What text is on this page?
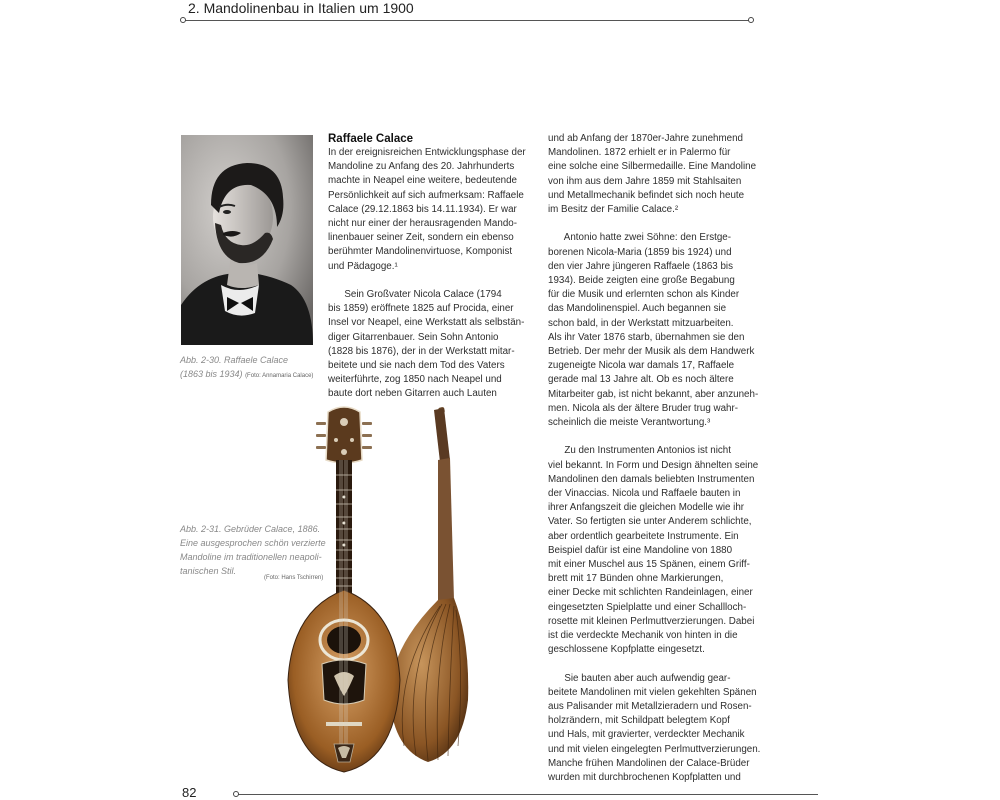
2. Mandolinenbau in Italien um 1900
Abb. 2-30. Raffaele Calace
(1863 bis 1934) (Foto: Annamaria Calace)
Abb. 2-31. Gebrüder Calace, 1886.
Eine ausgesprochen schön verzierte
Mandoline im traditionellen neapoli-
tanischen Stil.
(Foto: Hans Tschirren)
Raffaele Calace

In der ereignisreichen Entwicklungsphase der

Mandoline zu Anfang des 20. Jahrhunderts

machte in Neapel eine weitere, bedeutende

Persönlichkeit auf sich aufmerksam: Raffaele

Calace (29.12.1863 bis 14.11.1934). Er war

nicht nur einer der herausragenden Mando-

linenbauer seiner Zeit, sondern ein ebenso

berühmter Mandolinenvirtuose, Komponist

und Pädagoge.¹

Sein Großvater Nicola Calace (1794

bis 1859) eröffnete 1825 auf Procida, einer

Insel vor Neapel, eine Werkstatt als selbstän-

diger Gitarrenbauer. Sein Sohn Antonio

(1828 bis 1876), der in der Werkstatt mitar-

beitete und sie nach dem Tod des Vaters

weiterführte, zog 1850 nach Neapel und

baute dort neben Gitarren auch Lauten

und ab Anfang der 1870er-Jahre zunehmend

Mandolinen. 1872 erhielt er in Palermo für

eine solche eine Silbermedaille. Eine Mandoline

von ihm aus dem Jahre 1859 mit Stahlsaiten

und Metallmechanik befindet sich noch heute

im Besitz der Familie Calace.²

Antonio hatte zwei Söhne: den Erstge-

borenen Nicola-Maria (1859 bis 1924) und

den vier Jahre jüngeren Raffaele (1863 bis

1934). Beide zeigten eine große Begabung

für die Musik und erlernten schon als Kinder

das Mandolinenspiel. Auch begannen sie

schon bald, in der Werkstatt mitzuarbeiten.

Als ihr Vater 1876 starb, übernahmen sie den

Betrieb. Der mehr der Musik als dem Handwerk

zugeneigte Nicola war damals 17, Raffaele

gerade mal 13 Jahre alt. Ob es noch ältere

Mitarbeiter gab, ist nicht bekannt, aber anzuneh-

men. Nicola als der ältere Bruder trug wahr-

scheinlich die meiste Verantwortung.³

Zu den Instrumenten Antonios ist nicht

viel bekannt. In Form und Design ähnelten seine

Mandolinen den damals beliebten Instrumenten

der Vinaccias. Nicola und Raffaele bauten in

ihrer Anfangszeit die gleichen Modelle wie ihr

Vater. So fertigten sie unter Anderem schlichte,

aber ordentlich gearbeitete Instrumente. Ein

Beispiel dafür ist eine Mandoline von 1880

mit einer Muschel aus 15 Spänen, einem Griff-

brett mit 17 Bünden ohne Markierungen,

einer Decke mit schlichten Randeinlagen, einer

eingesetzten Spielplatte und einer Schallloch-

rosette mit kleinen Perlmuttverzierungen. Dabei

ist die verdeckte Mechanik von hinten in die

geschlossene Kopfplatte eingesetzt.

Sie bauten aber auch aufwendig gear-

beitete Mandolinen mit vielen gekehlten Spänen

aus Palisander mit Metallzieradern und Rosen-

holzrändern, mit Schildpatt belegtem Kopf

und Hals, mit gravierter, verdeckter Mechanik

und mit vielen eingelegten Perlmuttverzierungen.

Manche frühen Mandolinen der Calace-Brüder

wurden mit durchbrochenen Kopfplatten und

82
